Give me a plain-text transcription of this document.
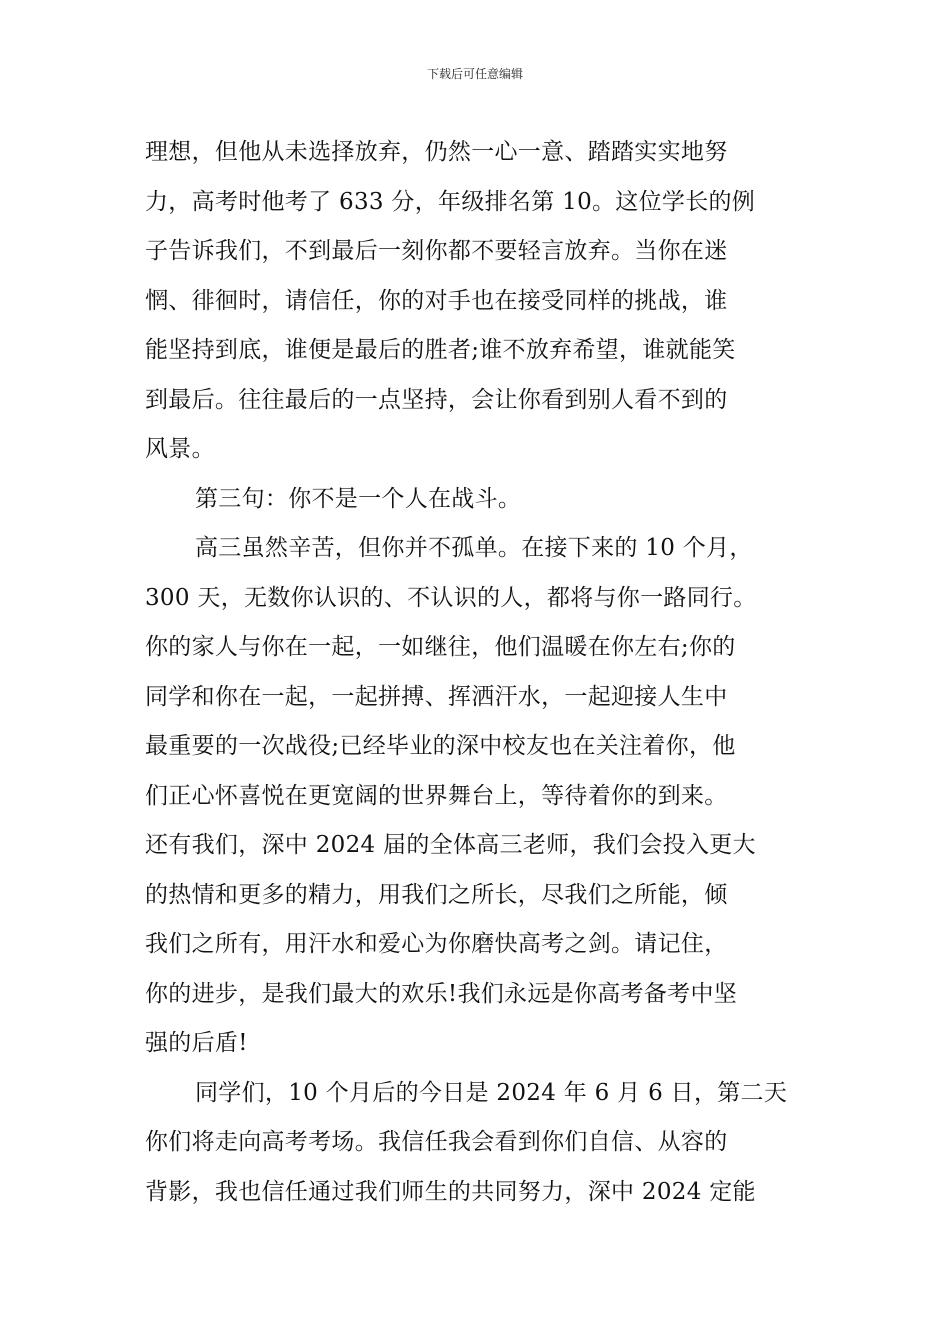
下载后可任意编辑
理想，但他从未选择放弃，仍然一心一意、踏踏实实地努
力，高考时他考了 633 分，年级排名第 10。这位学长的例
子告诉我们，不到最后一刻你都不要轻言放弃。当你在迷
惘、徘徊时，请信任，你的对手也在接受同样的挑战，谁
能坚持到底，谁便是最后的胜者;谁不放弃希望，谁就能笑
到最后。往往最后的一点坚持，会让你看到别人看不到的
风景。
第三句：你不是一个人在战斗。
高三虽然辛苦，但你并不孤单。在接下来的 10 个月，
300 天，无数你认识的、不认识的人，都将与你一路同行。
你的家人与你在一起，一如继往，他们温暖在你左右;你的
同学和你在一起，一起拼搏、挥洒汗水，一起迎接人生中
最重要的一次战役;已经毕业的深中校友也在关注着你，他
们正心怀喜悦在更宽阔的世界舞台上，等待着你的到来。
还有我们，深中 2024 届的全体高三老师，我们会投入更大
的热情和更多的精力，用我们之所长，尽我们之所能，倾
我们之所有，用汗水和爱心为你磨快高考之剑。请记住，
你的进步，是我们最大的欢乐!我们永远是你高考备考中坚
强的后盾!
同学们，10 个月后的今日是 2024 年 6 月 6 日，第二天
你们将走向高考考场。我信任我会看到你们自信、从容的
背影，我也信任通过我们师生的共同努力，深中 2024 定能
